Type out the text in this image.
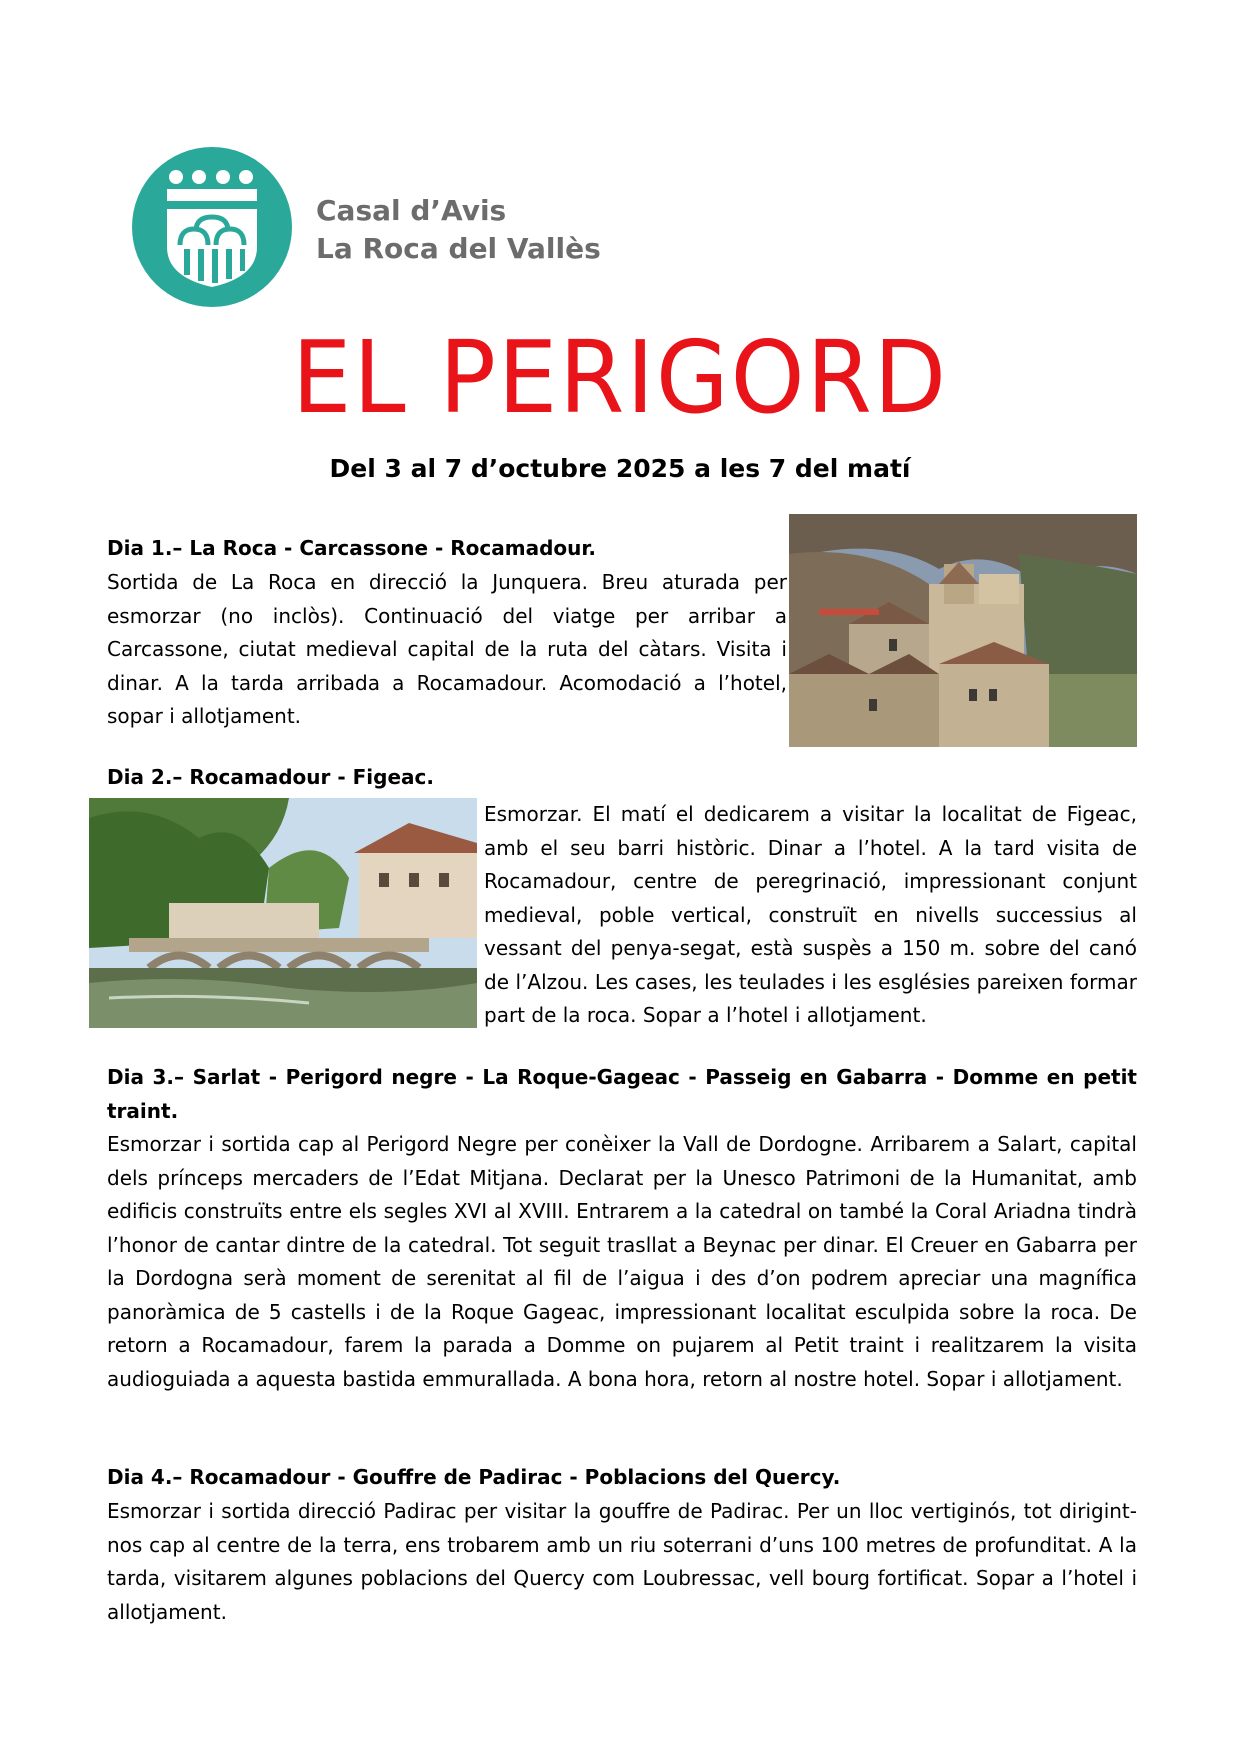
Casal d’Avis
La Roca del Vallès
EL PERIGORD
Del 3 al 7 d’octubre 2025 a les 7 del matí

Dia 1.– La Roca - Carcassone - Rocamadour.

Sortida de La Roca en direcció la Junquera. Breu aturada per esmorzar (no inclòs). Continuació del viatge per arribar a Carcassone, ciutat medieval capital de la ruta del càtars. Visita i dinar. A la tarda arribada a Rocamadour. Acomodació a l’hotel, sopar i allotjament.

Dia 2.– Rocamadour - Figeac.

Esmorzar. El matí el dedicarem a visitar la localitat de Figeac, amb el seu barri històric. Dinar a l’hotel. A la tard visita de Rocamadour, centre de peregrinació, impressionant conjunt medieval, poble vertical, construït en nivells successius al vessant del penya-segat, està suspès a 150 m. sobre del canó de l’Alzou. Les cases, les teulades i les esglésies pareixen formar part de la roca. Sopar a l’hotel i allotjament.

Dia 3.– Sarlat - Perigord negre - La Roque-Gageac - Passeig en Gabarra - Domme en petit traint.

Esmorzar i sortida cap al Perigord Negre per conèixer la Vall de Dordogne. Arribarem a Salart, capital dels prínceps mercaders de l’Edat Mitjana. Declarat per la Unesco Patrimoni de la Humanitat, amb edificis construïts entre els segles XVI al XVIII. Entrarem a la catedral on també la Coral Ariadna tindrà l’honor de cantar dintre de la catedral. Tot seguit trasllat a Beynac per dinar. El Creuer en Gabarra per la Dordogna serà moment de serenitat al fil de l’aigua i des d’on podrem apreciar una magnífica panoràmica de 5 castells i de la Roque Gageac, impressionant localitat esculpida sobre la roca. De retorn a Rocamadour, farem la parada a Domme on pujarem al Petit traint i realitzarem la visita audioguiada a aquesta bastida emmurallada. A bona hora, retorn al nostre hotel. Sopar i allotjament.

Dia 4.– Rocamadour - Gouffre de Padirac - Poblacions del Quercy.

Esmorzar i sortida direcció Padirac per visitar la gouffre de Padirac. Per un lloc vertiginós, tot dirigint-nos cap al centre de la terra, ens trobarem amb un riu soterrani d’uns 100 metres de profunditat. A la tarda, visitarem algunes poblacions del Quercy com Loubressac, vell bourg fortificat. Sopar a l’hotel i allotjament.
